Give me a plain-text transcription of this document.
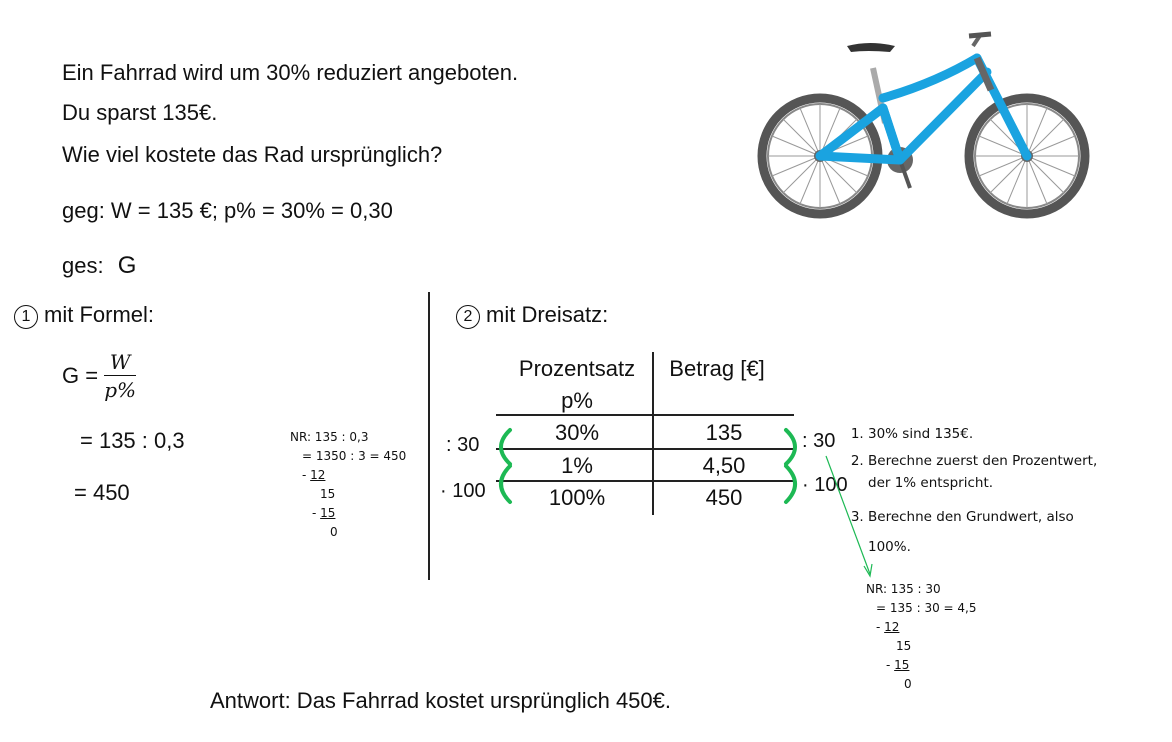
Ein Fahrrad wird um 30% reduziert angeboten.
Du sparst 135€.
Wie viel kostete das Rad ursprünglich?
geg: W = 135 €; p% = 30% = 0,30
ges: G
1 mit Formel:
$G = \frac{W}{p\%}$
= 135 : 0,3
= 450
NR: 135 : 0,3
= 1350 : 3 = 450
- 12
15
- 15
0
2 mit Dreisatz:
Prozentsatz
p%
Betrag [€]
30%	135
1%	4,50
100%	450
: 30
· 100
: 30
· 100
1. 30% sind 135€.
2. Berechne zuerst den Prozentwert, der 1% entspricht.
3. Berechne den Grundwert, also 100%.
NR: 135 : 30
= 135 : 30 = 4,5
- 12
15
- 15
0
Antwort: Das Fahrrad kostet ursprünglich 450€.
